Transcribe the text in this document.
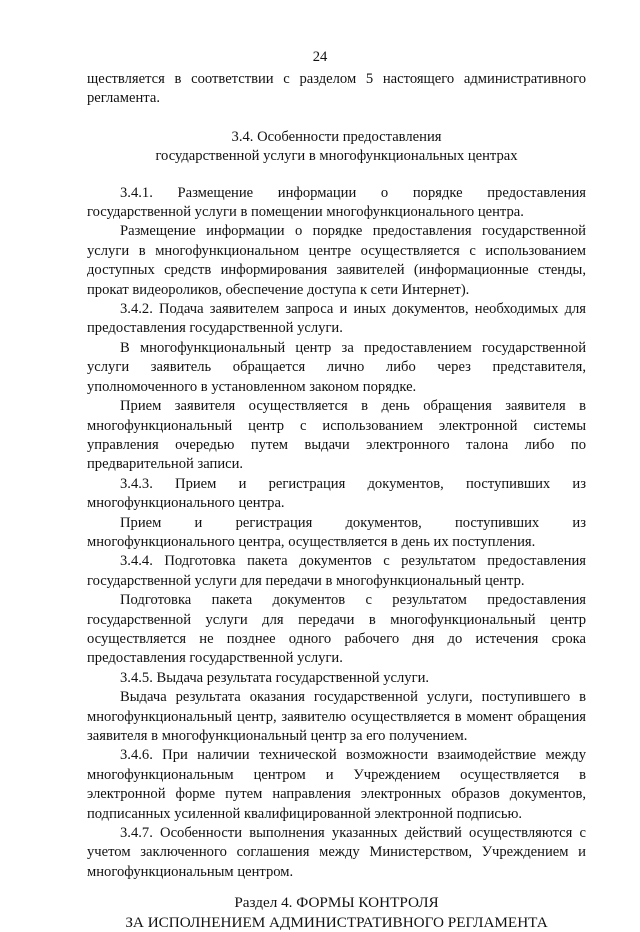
24

ществляется в соответствии с разделом 5 настоящего административного регламента.

3.4. Особенности предоставления

государственной услуги в многофункциональных центрах

3.4.1. Размещение информации о порядке предоставления государственной услуги в помещении многофункционального центра.

Размещение информации о порядке предоставления государственной услуги в многофункциональном центре осуществляется с использованием доступных средств информирования заявителей (информационные стенды, прокат видеороликов, обеспечение доступа к сети Интернет).

3.4.2. Подача заявителем запроса и иных документов, необходимых для предоставления государственной услуги.

В многофункциональный центр за предоставлением государственной услуги заявитель обращается лично либо через представителя, уполномоченного в установленном законом порядке.

Прием заявителя осуществляется в день обращения заявителя в многофункциональный центр с использованием электронной системы управления очередью путем выдачи электронного талона либо по предварительной записи.

3.4.3. Прием и регистрация документов, поступивших из многофункционального центра.

Прием и регистрация документов, поступивших из многофункционального центра, осуществляется в день их поступления.

3.4.4. Подготовка пакета документов с результатом предоставления государственной услуги для передачи в многофункциональный центр.

Подготовка пакета документов с результатом предоставления государственной услуги для передачи в многофункциональный центр осуществляется не позднее одного рабочего дня до истечения срока предоставления государственной услуги.

3.4.5. Выдача результата государственной услуги.

Выдача результата оказания государственной услуги, поступившего в многофункциональный центр, заявителю осуществляется в момент обращения заявителя в многофункциональный центр за его получением.

3.4.6. При наличии технической возможности взаимодействие между многофункциональным центром и Учреждением осуществляется в электронной форме путем направления электронных образов документов, подписанных усиленной квалифицированной электронной подписью.

3.4.7. Особенности выполнения указанных действий осуществляются с учетом заключенного соглашения между Министерством, Учреждением и многофункциональным центром.

Раздел 4. ФОРМЫ КОНТРОЛЯ

ЗА ИСПОЛНЕНИЕМ АДМИНИСТРАТИВНОГО РЕГЛАМЕНТА
